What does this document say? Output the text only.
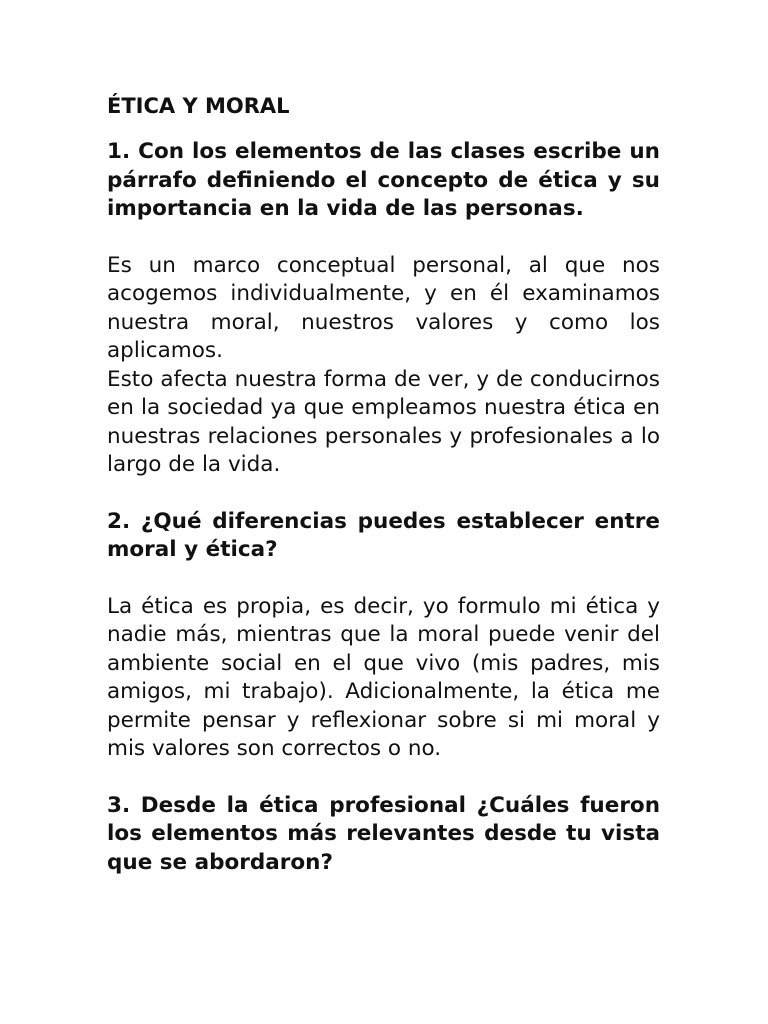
ÉTICA Y MORAL

1. Con los elementos de las clases escribe un párrafo definiendo el concepto de ética y su importancia en la vida de las personas.

Es un marco conceptual personal, al que nos acogemos individualmente, y en él examinamos nuestra moral, nuestros valores y como los aplicamos.

Esto afecta nuestra forma de ver, y de conducirnos en la sociedad ya que empleamos nuestra ética en nuestras relaciones personales y profesionales a lo largo de la vida.

2. ¿Qué diferencias puedes establecer entre moral y ética?

La ética es propia, es decir, yo formulo mi ética y nadie más, mientras que la moral puede venir del ambiente social en el que vivo (mis padres, mis amigos, mi trabajo). Adicionalmente, la ética me permite pensar y reflexionar sobre si mi moral y mis valores son correctos o no.

3. Desde la ética profesional ¿Cuáles fueron los elementos más relevantes desde tu vista que se abordaron?
